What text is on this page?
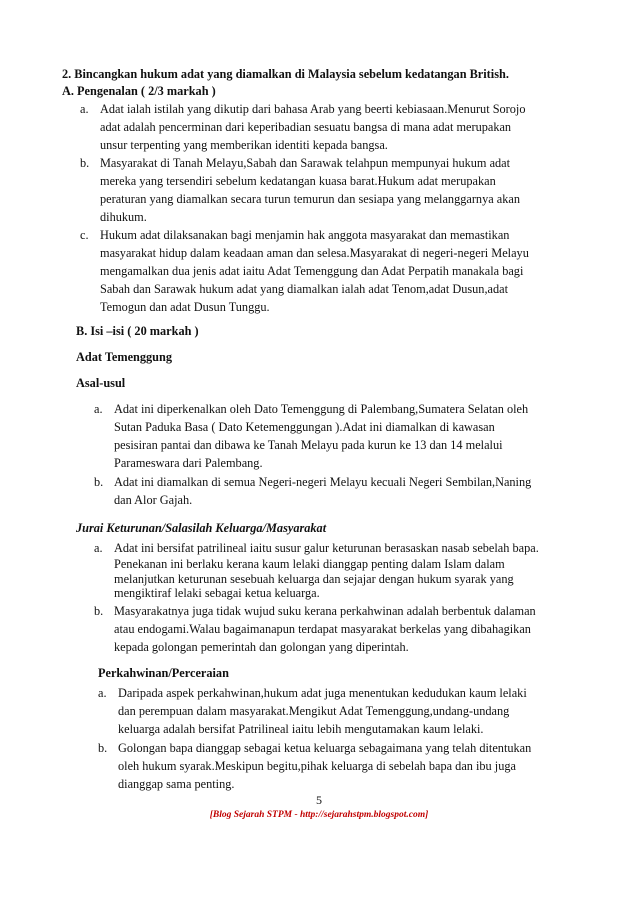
2. Bincangkan hukum adat yang diamalkan di Malaysia sebelum kedatangan British.
A. Pengenalan ( 2/3 markah )
a. Adat ialah istilah yang dikutip dari bahasa Arab yang beerti kebiasaan.Menurut Sorojo
adat adalah pencerminan dari keperibadian sesuatu bangsa di mana adat merupakan
unsur terpenting yang memberikan identiti kepada bangsa.
b. Masyarakat di Tanah Melayu,Sabah dan Sarawak telahpun mempunyai hukum adat
mereka yang tersendiri sebelum kedatangan kuasa barat.Hukum adat merupakan
peraturan yang diamalkan secara turun temurun dan sesiapa yang melanggarnya akan
dihukum.
c. Hukum adat dilaksanakan bagi menjamin hak anggota masyarakat dan memastikan
masyarakat hidup dalam keadaan aman dan selesa.Masyarakat di negeri-negeri Melayu
mengamalkan dua jenis adat iaitu Adat Temenggung dan Adat Perpatih manakala bagi
Sabah dan Sarawak hukum adat yang diamalkan ialah adat Tenom,adat Dusun,adat
Temogun dan adat Dusun Tunggu.
B. Isi –isi ( 20 markah )
Adat Temenggung
Asal-usul
a. Adat ini diperkenalkan oleh Dato Temenggung di Palembang,Sumatera Selatan oleh
Sutan Paduka Basa ( Dato Ketemenggungan ).Adat ini diamalkan di kawasan
pesisiran pantai dan dibawa ke Tanah Melayu pada kurun ke 13 dan 14 melalui
Parameswara dari Palembang.
b. Adat ini diamalkan di semua Negeri-negeri Melayu kecuali Negeri Sembilan,Naning
dan Alor Gajah.
Jurai Keturunan/Salasilah Keluarga/Masyarakat
a. Adat ini bersifat patrilineal iaitu susur galur keturunan berasaskan nasab sebelah bapa.
Penekanan ini berlaku kerana kaum lelaki dianggap penting dalam Islam dalam
melanjutkan keturunan sesebuah keluarga dan sejajar dengan hukum syarak yang
mengiktiraf lelaki sebagai ketua keluarga.
b. Masyarakatnya juga tidak wujud suku kerana perkahwinan adalah berbentuk dalaman
atau endogami.Walau bagaimanapun terdapat masyarakat berkelas yang dibahagikan
kepada golongan pemerintah dan golongan yang diperintah.
Perkahwinan/Perceraian
a. Daripada aspek perkahwinan,hukum adat juga menentukan kedudukan kaum lelaki
dan perempuan dalam masyarakat.Mengikut Adat Temenggung,undang-undang
keluarga adalah bersifat Patrilineal iaitu lebih mengutamakan kaum lelaki.
b. Golongan bapa dianggap sebagai ketua keluarga sebagaimana yang telah ditentukan
oleh hukum syarak.Meskipun begitu,pihak keluarga di sebelah bapa dan ibu juga
dianggap sama penting.
5
[Blog Sejarah STPM - http://sejarahstpm.blogspot.com]
